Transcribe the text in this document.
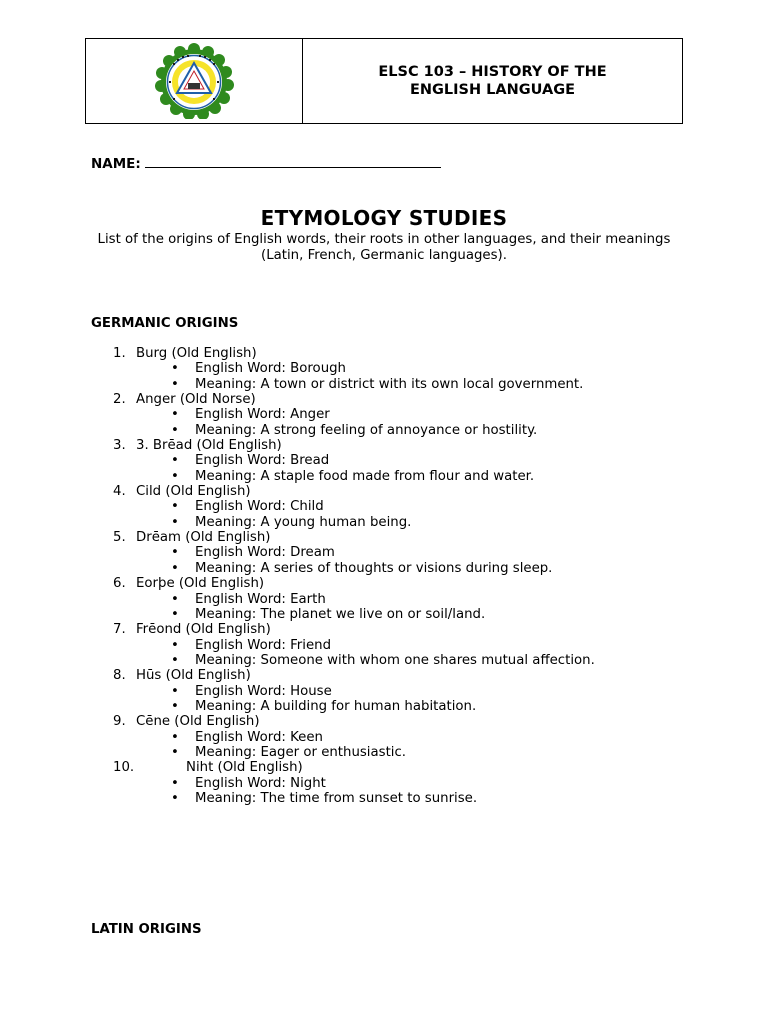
ELSC 103 – HISTORY OF THE
ENGLISH LANGUAGE
NAME:
ETYMOLOGY STUDIES
List of the origins of English words, their roots in other languages, and their meanings (Latin, French, Germanic languages).
GERMANIC ORIGINS
1. Burg (Old English)
• English Word: Borough
• Meaning: A town or district with its own local government.
2. Anger (Old Norse)
• English Word: Anger
• Meaning: A strong feeling of annoyance or hostility.
3. 3. Brēad (Old English)
• English Word: Bread
• Meaning: A staple food made from flour and water.
4. Cild (Old English)
• English Word: Child
• Meaning: A young human being.
5. Drēam (Old English)
• English Word: Dream
• Meaning: A series of thoughts or visions during sleep.
6. Eorþe (Old English)
• English Word: Earth
• Meaning: The planet we live on or soil/land.
7. Frēond (Old English)
• English Word: Friend
• Meaning: Someone with whom one shares mutual affection.
8. Hūs (Old English)
• English Word: House
• Meaning: A building for human habitation.
9. Cēne (Old English)
• English Word: Keen
• Meaning: Eager or enthusiastic.
10.	Niht (Old English)
• English Word: Night
• Meaning: The time from sunset to sunrise.
LATIN ORIGINS
